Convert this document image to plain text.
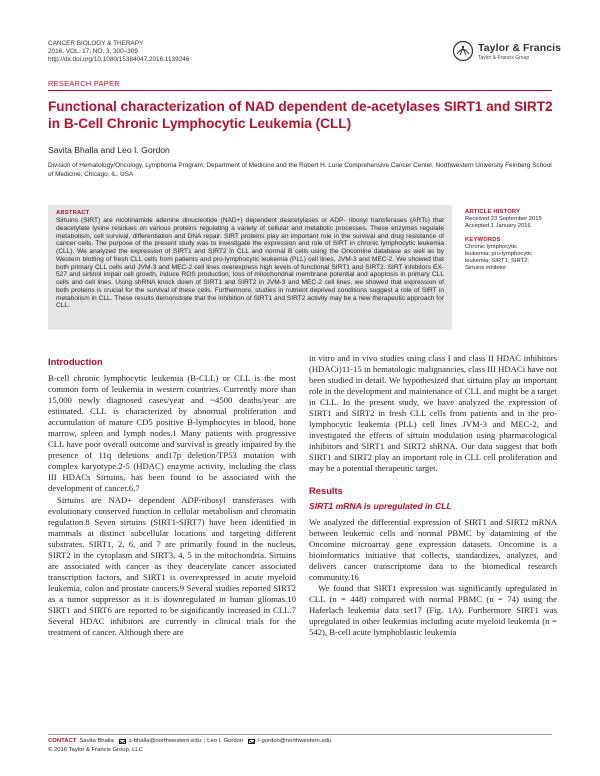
CANCER BIOLOGY & THERAPY
2016, VOL. 17, NO. 3, 300–309
http://dx.doi.org/10.1080/15384047.2016.1139246
Taylor & Francis
Taylor & Francis Group
RESEARCH PAPER
Functional characterization of NAD dependent de-acetylases SIRT1 and SIRT2 in B-Cell Chronic Lymphocytic Leukemia (CLL)
Savita Bhalla and Leo I. Gordon
Division of Hematology/Oncology, Lymphoma Program, Department of Medicine and the Robert H. Lurie Comprehensive Cancer Center, Northwestern University Feinberg School of Medicine, Chicago, IL, USA
ABSTRACT

Sirtuins (SIRT) are nicotinamide adenine dinucleotide (NAD+) dependent deacetylases or ADP- ribosyl transferases (ARTs) that deacetylate lysine residues on various proteins regulating a variety of cellular and metabolic processes. These enzymes regulate metabolism, cell survival, differentiation and DNA repair. SIRT proteins play an important role in the survival and drug resistance of cancer cells. The purpose of the present study was to investigate the expression and role of SIRT in chronic lymphocytic leukemia (CLL). We analyzed the expression of SIRT1 and SIRT2 in CLL and normal B cells using the Oncomine database as well as by Western blotting of fresh CLL cells from patients and pro-lymphocytic leukemia (PLL) cell lines, JVM-3 and MEC-2. We showed that both primary CLL cells and JVM-3 and MEC-2 cell lines overexpress high levels of functional SIRT1 and SIRT2. SIRT inhibitors EX-527 and sirtinol impair cell growth, induce ROS production, loss of mitochondrial membrane potential and apoptosis in primary CLL cells and cell lines. Using shRNA knock down of SIRT1 and SIRT2 in JVM-3 and MEC-2 cell lines, we showed that expression of both proteins is crucial for the survival of these cells. Furthermore, studies in nutrient deprived conditions suggest a role of SIRT in metabolism in CLL. These results demonstrate that the inhibition of SIRT1 and SIRT2 activity may be a new therapeutic approach for CLL.

ARTICLE HISTORY
Received 23 September 2015
Accepted 1 January 2016
KEYWORDS
Chronic lymphocytic
leukemia; pro-lymphocytic
leukemia; SIRT1; SIRT2;
Sirtuins inhibitor
Introduction

B-cell chronic lymphocytic leukemia (B-CLL) or CLL is the most common form of leukemia in western countries. Currently more than 15,000 newly diagnosed cases/year and ~4500 deaths/year are estimated. CLL is characterized by abnormal proliferation and accumulation of mature CD5 positive B-lymphocytes in blood, bone marrow, spleen and lymph nodes.1 Many patients with progressive CLL have poor overall outcome and survival is greatly impaired by the presence of 11q deletions and17p deletion/TP53 mutation with complex karyotype.2-5 (HDAC) enzyme activity, including the class III HDACs Sirtuins, has been found to be associated with the development of cancer.6,7

Sirtuins are NAD+ dependent ADP-ribosyl transferases with evolutionary conserved function in cellular metabolism and chromatin regulation.8 Seven sirtuins (SIRT1-SIRT7) have been identified in mammals at distinct subcellular locations and targeting different substrates. SIRT1, 2, 6, and 7 are primarily found in the nucleus, SIRT2 in the cytoplasm and SIRT3, 4, 5 in the mitochondria. Sirtuins are associated with cancer as they deacetylate cancer associated transcription factors, and SIRT1 is overexpressed in acute myeloid leukemia, colon and prostate cancers.9 Several studies reported SIRT2 as a tumor suppressor as it is downregulated in human gliomas.10 SIRT1 and SIRT6 are reported to be significantly increased in CLL.7 Several HDAC inhibitors are currently in clinical trials for the treatment of cancer. Although there are

in vitro and in vivo studies using class I and class II HDAC inhibitors (HDACi)11-15 in hematologic malignancies, class III HDACi have not been studied in detail. We hypothesized that sirtuins play an important role in the development and maintenance of CLL and might be a target in CLL. In the present study, we have analyzed the expression of SIRT1 and SIRT2 in fresh CLL cells from patients and in the pro-lymphocytic leukemia (PLL) cell lines JVM-3 and MEC-2, and investigated the effects of sirtuin modulation using pharmacological inhibitors and SIRT1 and SIRT2 shRNA. Our data suggest that both SIRT1 and SIRT2 play an important role in CLL cell proliferation and may be a potential therapeutic target.

Results
SIRT1 mRNA is upregulated in CLL

We analyzed the differential expression of SIRT1 and SIRT2 mRNA between leukemic cells and normal PBMC by datamining of the Oncomine microarray gene expression datasets. Oncomine is a bioinformatics initiative that collects, standardizes, analyzes, and delivers cancer transcriptome data to the biomedical research community.16

We found that SIRT1 expression was significantly upregulated in CLL (n = 448) compared with normal PBMC (n = 74) using the Haferlach leukemia data set17 (Fig. 1A). Furthermore SIRT1 was upregulated in other leukemias including acute myeloid leukemia (n = 542), B-cell acute lymphoblastic leukemia

CONTACT Savita Bhalla	s-bhalla@northwestern.edu ; Leo I. Gordon	l-gordon@northwestern.edu
© 2016 Taylor & Francis Group, LLC
